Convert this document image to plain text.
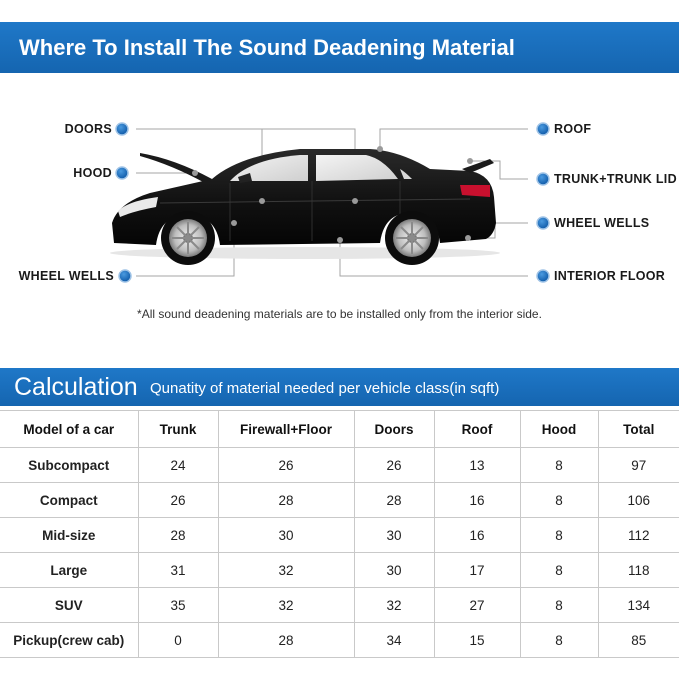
Where To Install The Sound Deadening Material
DOORS
HOOD
WHEEL WELLS
ROOF
TRUNK+TRUNK LID
WHEEL WELLS
INTERIOR FLOOR
*All sound deadening materials are to be installed only from the interior side.
Calculation Qunatity of material needed per vehicle class(in sqft)
Model of a car	Trunk	Firewall+Floor	Doors	Roof	Hood	Total
Subcompact	24	26	26	13	8	97
Compact	26	28	28	16	8	106
Mid-size	28	30	30	16	8	112
Large	31	32	30	17	8	118
SUV	35	32	32	27	8	134
Pickup(crew cab)	0	28	34	15	8	85
